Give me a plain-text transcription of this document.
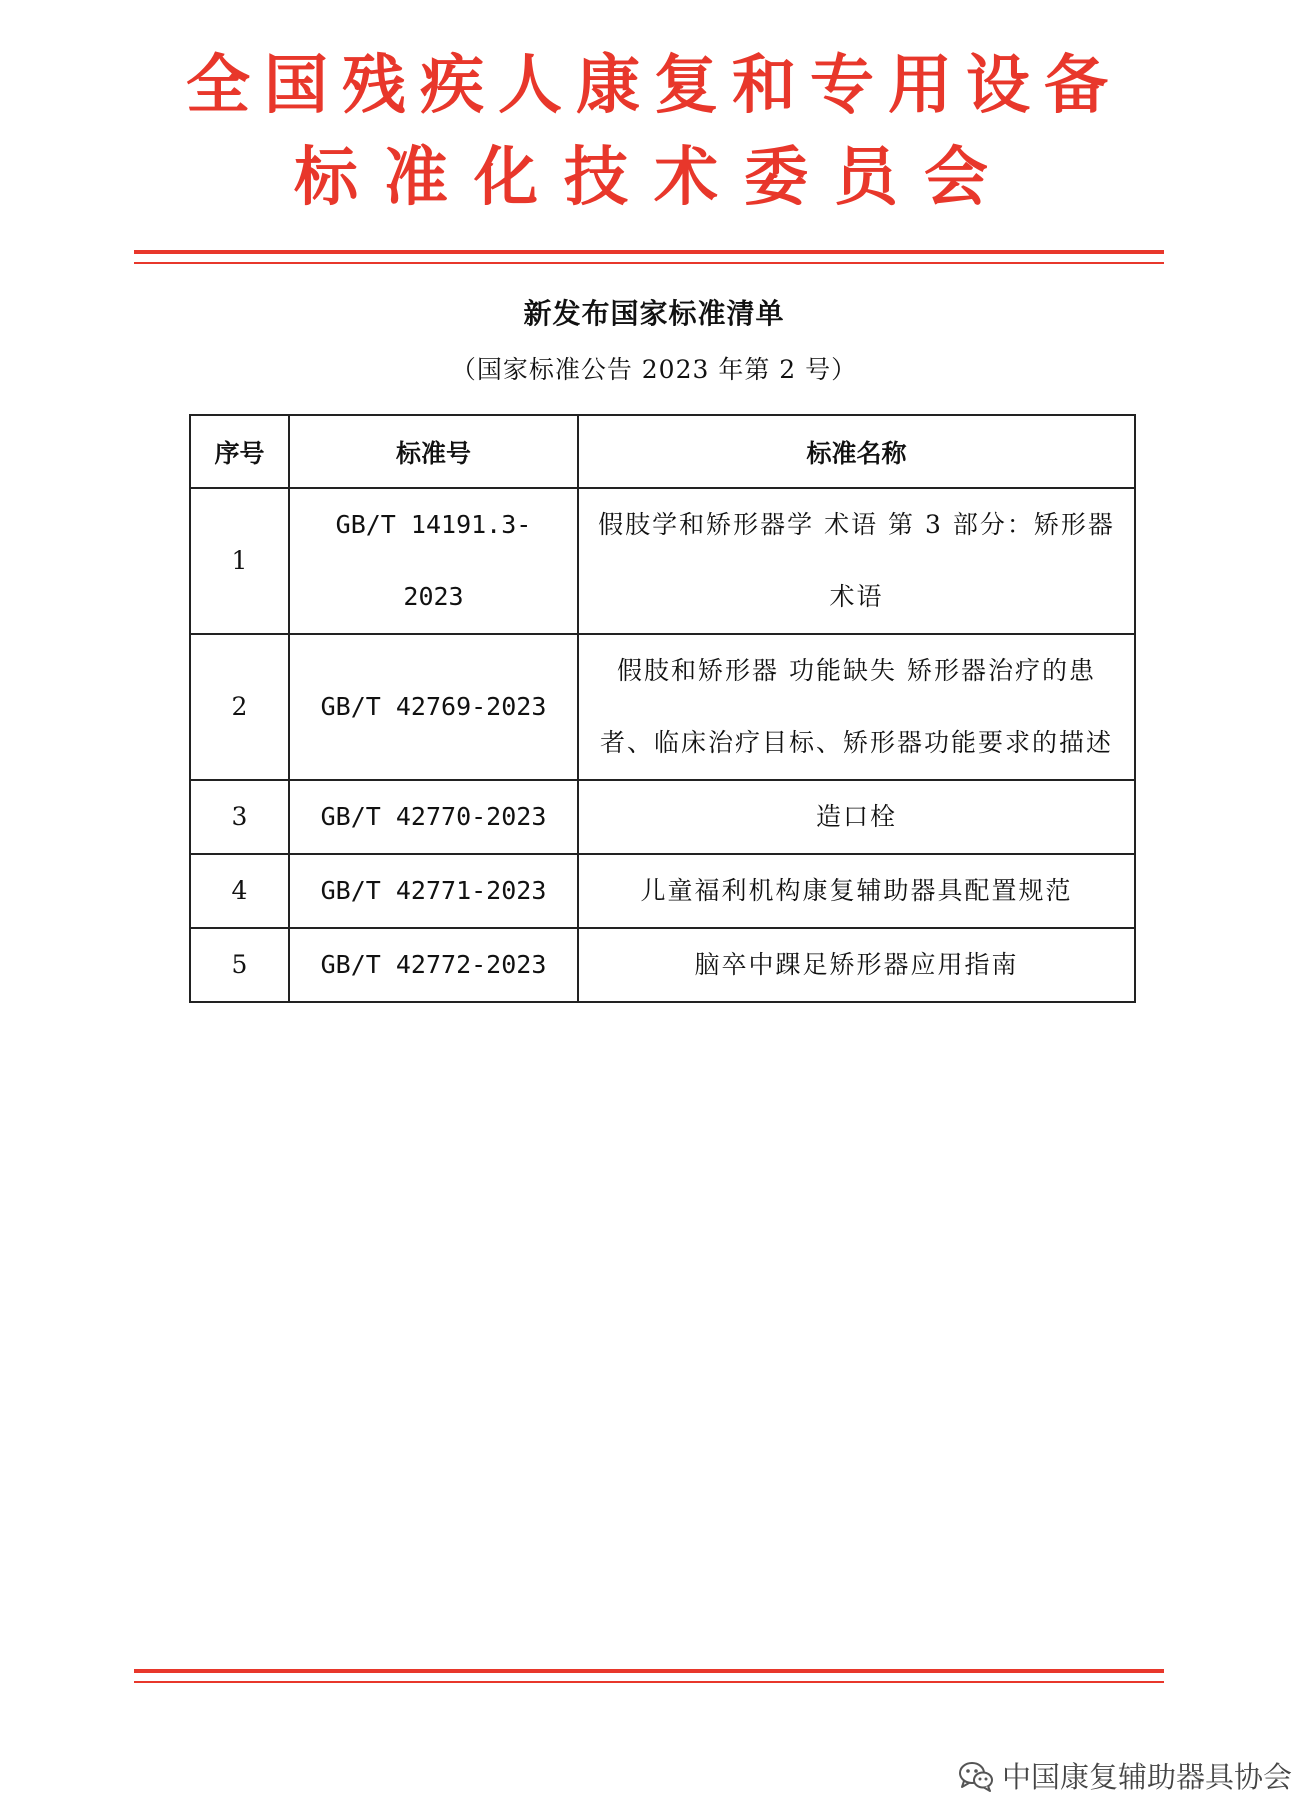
全国残疾人康复和专用设备
标准化技术委员会
新发布国家标准清单
（国家标准公告 2023 年第 2 号）
序号	标准号	标准名称
1	GB/T 14191.3-2023	假肢学和矫形器学 术语 第 3 部分：矫形器术语
2	GB/T 42769-2023	假肢和矫形器 功能缺失 矫形器治疗的患者、临床治疗目标、矫形器功能要求的描述
3	GB/T 42770-2023	造口栓
4	GB/T 42771-2023	儿童福利机构康复辅助器具配置规范
5	GB/T 42772-2023	脑卒中踝足矫形器应用指南
中国康复辅助器具协会
